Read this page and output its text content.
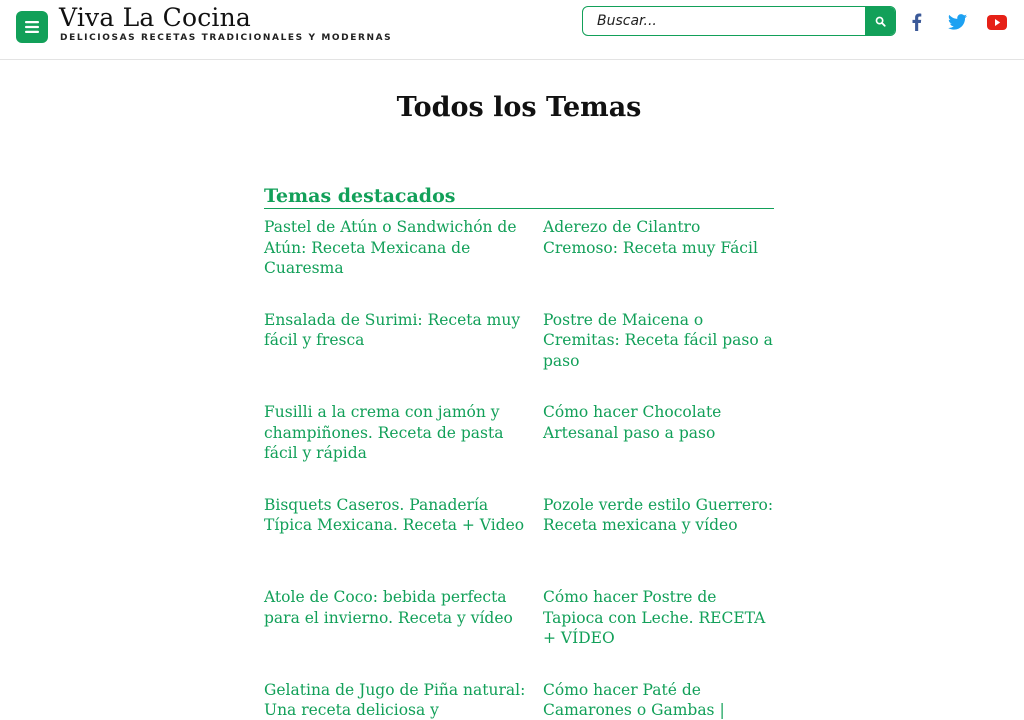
Viva La Cocina
DELICIOSAS RECETAS TRADICIONALES Y MODERNAS
Buscar...
Todos los Temas
Temas destacados
Pastel de Atún o Sandwichón de Atún: Receta Mexicana de Cuaresma
Aderezo de Cilantro Cremoso: Receta muy Fácil
Ensalada de Surimi: Receta muy fácil y fresca
Postre de Maicena o Cremitas: Receta fácil paso a paso
Fusilli a la crema con jamón y champiñones. Receta de pasta fácil y rápida
Cómo hacer Chocolate Artesanal paso a paso
Bisquets Caseros. Panadería Típica Mexicana. Receta + Video
Pozole verde estilo Guerrero: Receta mexicana y vídeo
Atole de Coco: bebida perfecta para el invierno. Receta y vídeo
Cómo hacer Postre de Tapioca con Leche. RECETA + VÍDEO
Gelatina de Jugo de Piña natural: Una receta deliciosa y
Cómo hacer Paté de Camarones o Gambas |
